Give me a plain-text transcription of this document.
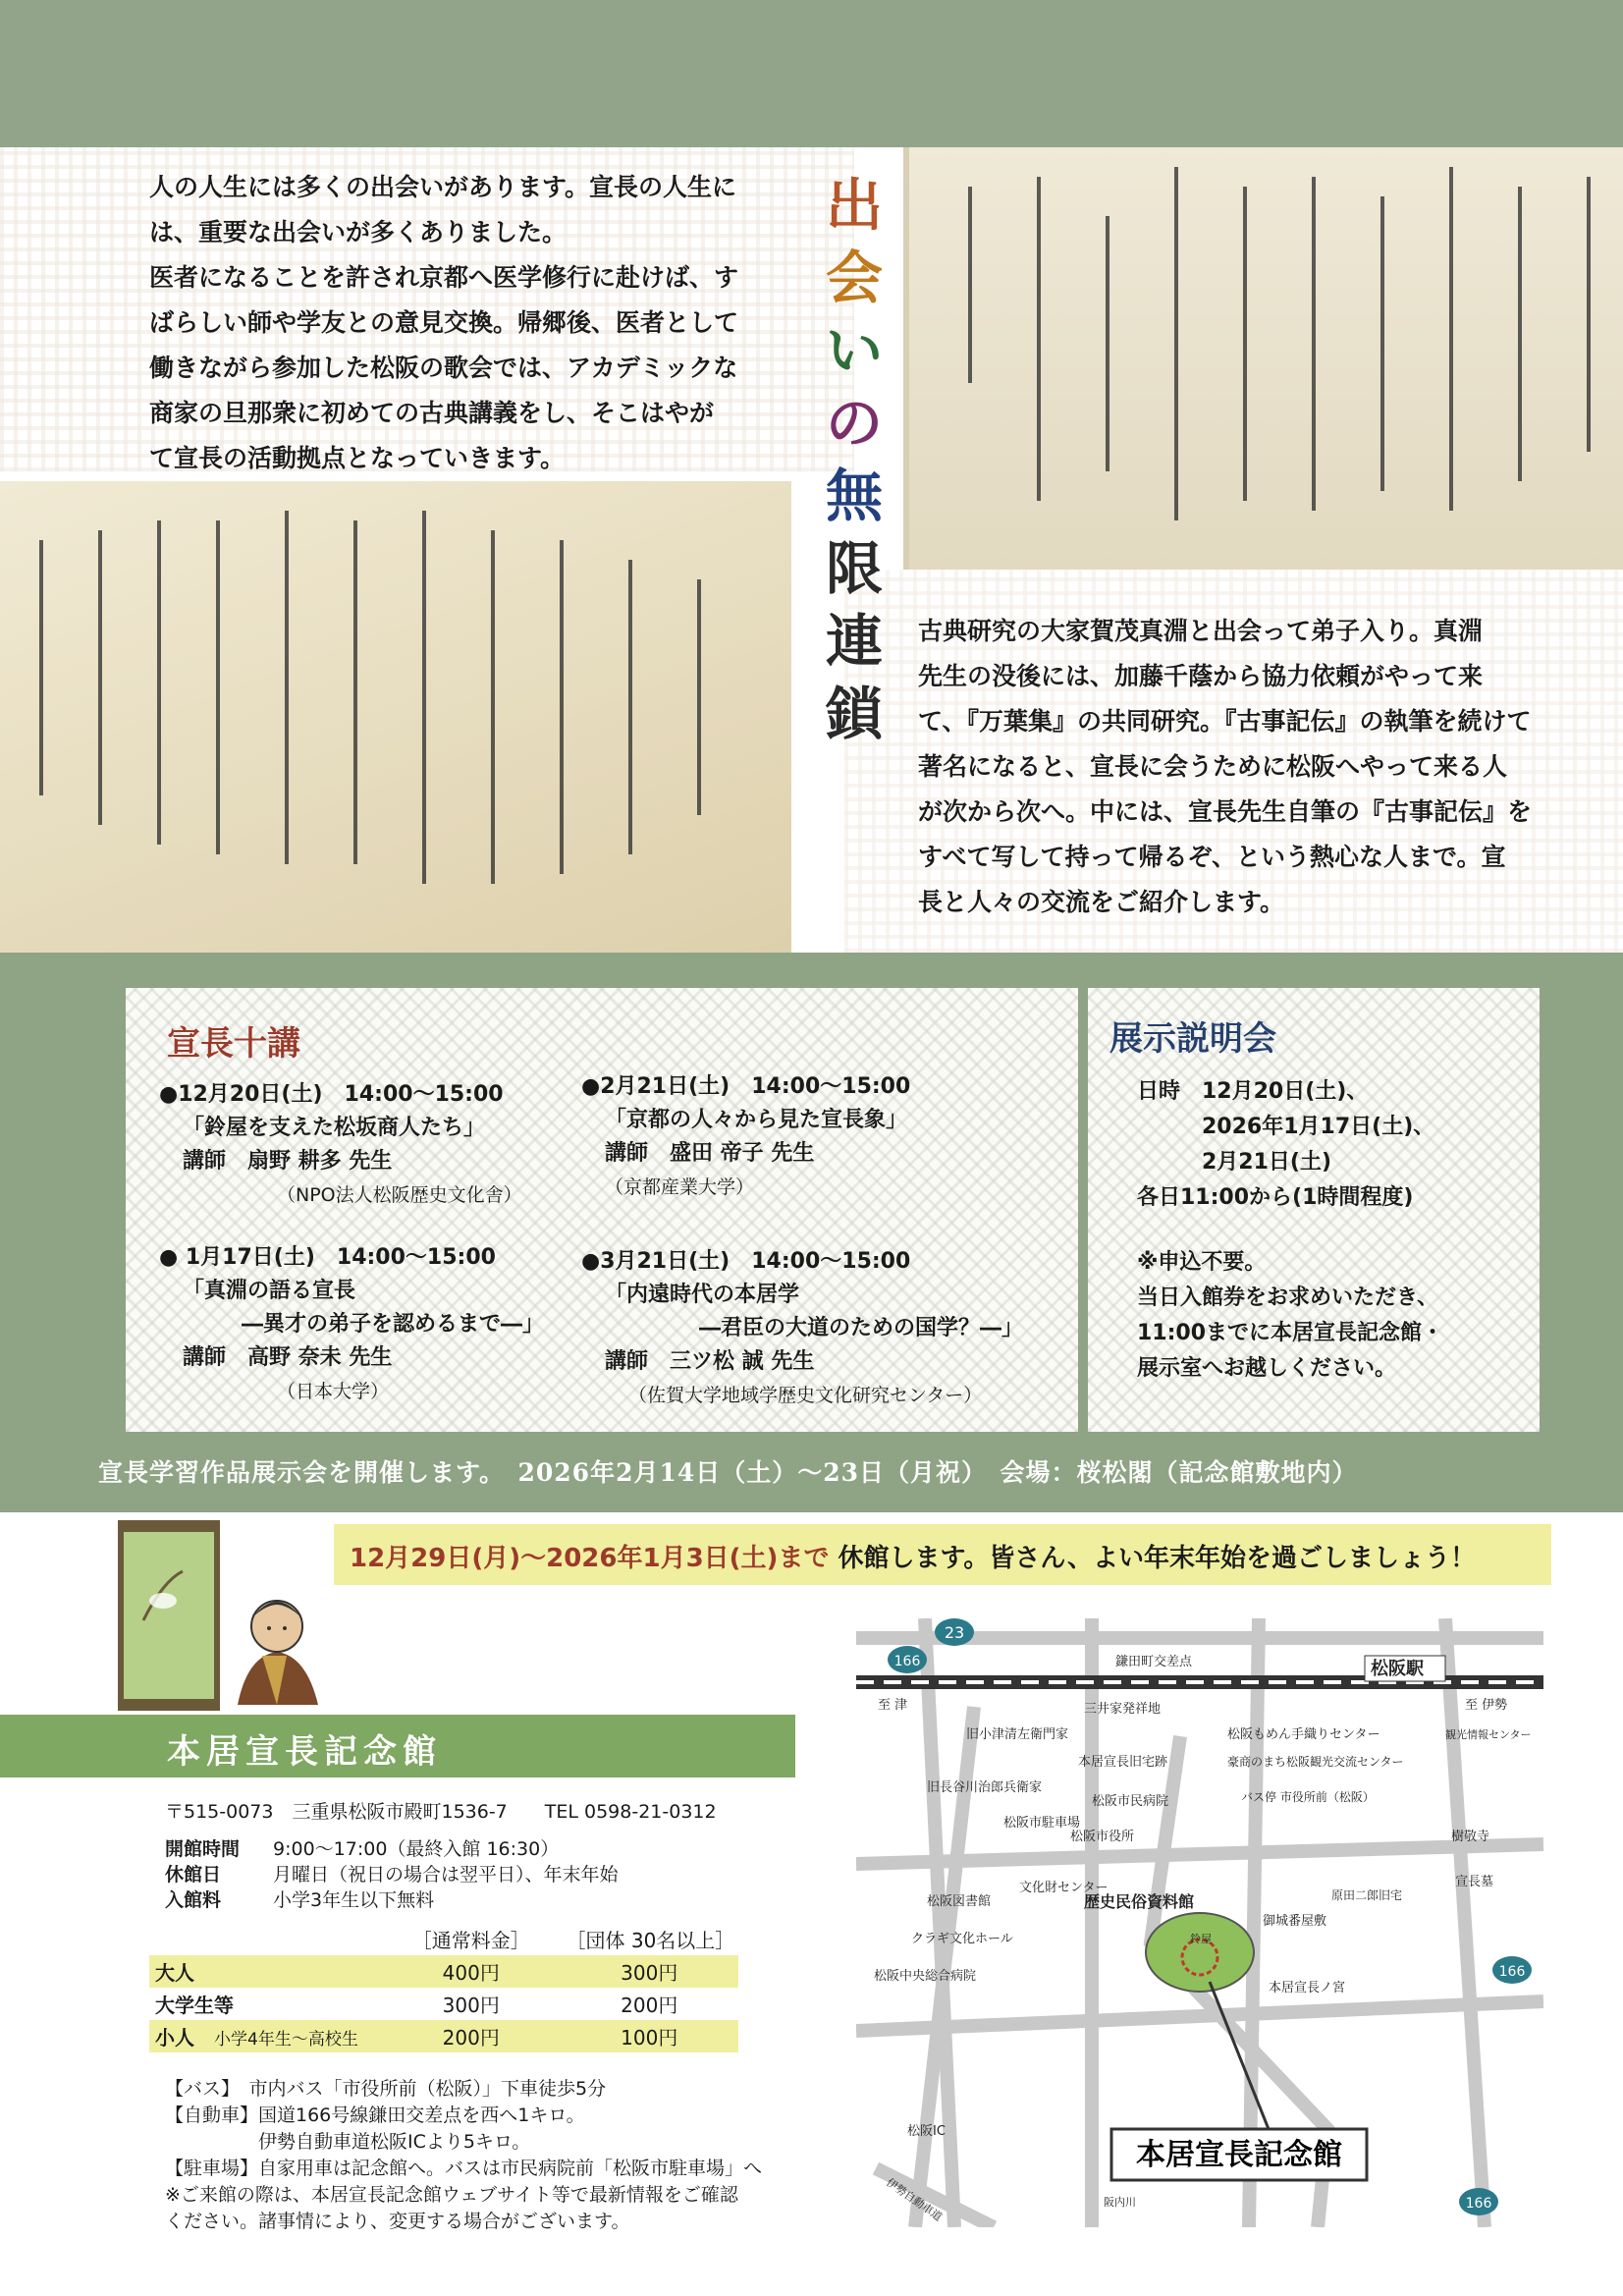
人の人生には多くの出会いがあります。宣長の人生に
は、重要な出会いが多くありました。
医者になることを許され京都へ医学修行に赴けば、す
ばらしい師や学友との意見交換。帰郷後、医者として
働きながら参加した松阪の歌会では、アカデミックな
商家の旦那衆に初めての古典講義をし、そこはやが
て宣長の活動拠点となっていきます。
出
会
い
の
無
限
連
鎖
古典研究の大家賀茂真淵と出会って弟子入り。真淵
先生の没後には、加藤千蔭から協力依頼がやって来
て、『万葉集』の共同研究。『古事記伝』の執筆を続けて
著名になると、宣長に会うために松阪へやって来る人
が次から次へ。中には、宣長先生自筆の『古事記伝』を
すべて写して持って帰るぞ、という熱心な人まで。宣
長と人々の交流をご紹介します。
宣長十講	展示説明会
●12月20日(土)　14:00～15:00
「鈴屋を支えた松坂商人たち」
講師　扇野 耕多 先生
（NPO法人松阪歴史文化舎）
●2月21日(土)　14:00～15:00
「京都の人々から見た宣長象」
講師　盛田 帝子 先生
（京都産業大学）
● 1月17日(土)　14:00～15:00
「真淵の語る宣長
―異才の弟子を認めるまで―」
講師　高野 奈未 先生
（日本大学）
●3月21日(土)　14:00～15:00
「内遠時代の本居学
―君臣の大道のための国学？―」
講師　三ツ松 誠 先生
（佐賀大学地域学歴史文化研究センター）
日時　12月20日(土)、
　　　2026年1月17日(土)、
　　　2月21日(土)
各日11:00から(1時間程度)
※申込不要。
当日入館券をお求めいただき、
11:00までに本居宣長記念館・
展示室へお越しください。
宣長学習作品展示会を開催します。　2026年2月14日（土）～23日（月祝）　会場：桜松閣（記念館敷地内）
12月29日(月)～2026年1月3日(土)まで 休館します。皆さん、よい年末年始を過ごしましょう！
本居宣長記念館
〒515-0073　三重県松阪市殿町1536-7　　TEL 0598-21-0312
開館時間 9:00～17:00（最終入館 16:30）
休館日	月曜日（祝日の場合は翌平日）、年末年始
入館料	小学3年生以下無料
	［通常料金］	［団体 30名以上］
大人	400円	300円
大学生等	300円	200円
小人　 小学4年生～高校生	200円	100円
【バス】　市内バス「市役所前（松阪）」下車徒歩5分
【自動車】国道166号線鎌田交差点を西へ1キロ。
　　　　　伊勢自動車道松阪ICより5キロ。
【駐車場】自家用車は記念館へ。バスは市民病院前「松阪市駐車場」へ
※ご来館の際は、本居宣長記念館ウェブサイト等で最新情報をご確認
ください。諸事情により、変更する場合がございます。
本居宣長記念館
23
166
166
166
鎌田町交差点	松阪駅
至 津	至 伊勢
三井家発祥地
旧小津清左衛門家	松阪もめん手織りセンター	観光情報センター
本居宣長旧宅跡	豪商のまち松阪観光交流センター
旧長谷川治郎兵衛家
松阪市民病院	バス停 市役所前（松阪）
松阪市駐車場
松阪市役所	樹敬寺
宣長墓
原田二郎旧宅
文化財センター
歴史民俗資料館
松阪図書館
御城番屋敷
鈴屋
クラギ文化ホール
本居宣長ノ宮
松阪中央総合病院
松阪IC
伊勢自動車道	阪内川
